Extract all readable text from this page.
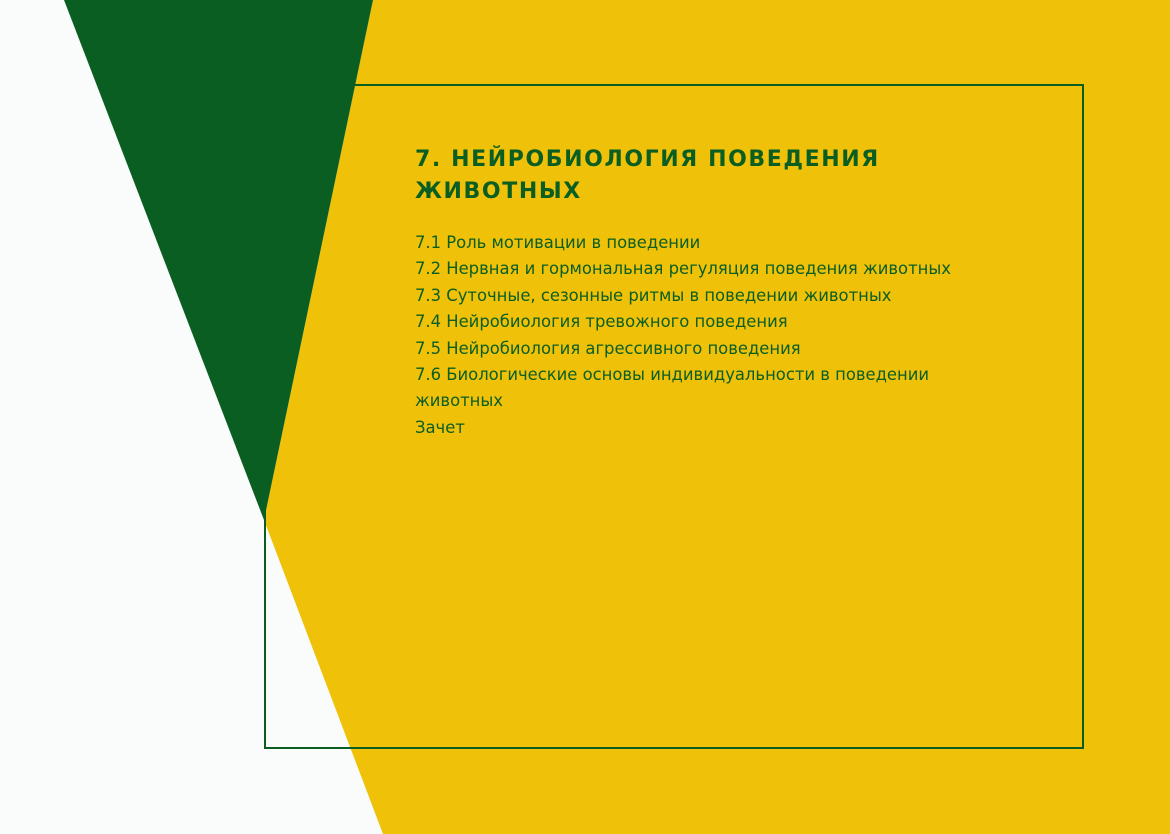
7. НЕЙРОБИОЛОГИЯ ПОВЕДЕНИЯ ЖИВОТНЫХ
7.1 Роль мотивации в поведении
7.2 Нервная и гормональная регуляция поведения животных
7.3 Суточные, сезонные ритмы в поведении животных
7.4 Нейробиология тревожного поведения
7.5 Нейробиология агрессивного поведения
7.6 Биологические основы индивидуальности в поведении животных
Зачет
